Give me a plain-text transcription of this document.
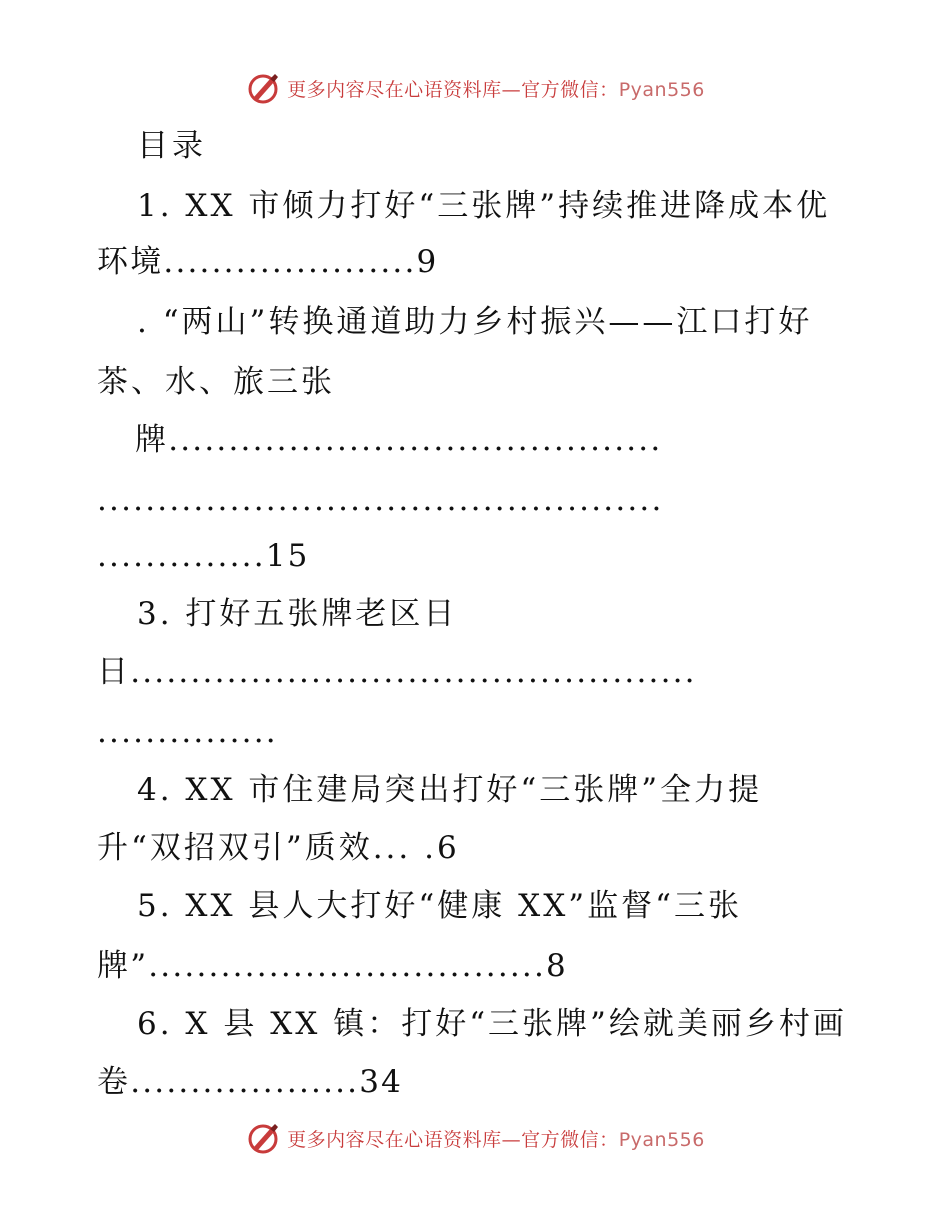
更多内容尽在心语资料库—官方微信：Pyan556
目录
1. XX 市倾力打好“三张牌”持续推进降成本优
环境.....................9
. “两山”转换通道助力乡村振兴——江口打好
茶、水、旅三张
牌.........................................
...............................................
..............15
3. 打好五张牌老区日
日...............................................
...............
4. XX 市住建局突出打好“三张牌”全力提
升“双招双引”质效... .6
5. XX 县人大打好“健康 XX”监督“三张
牌”.................................8
6. X 县 XX 镇：打好“三张牌”绘就美丽乡村画
卷...................34
更多内容尽在心语资料库—官方微信：Pyan556
